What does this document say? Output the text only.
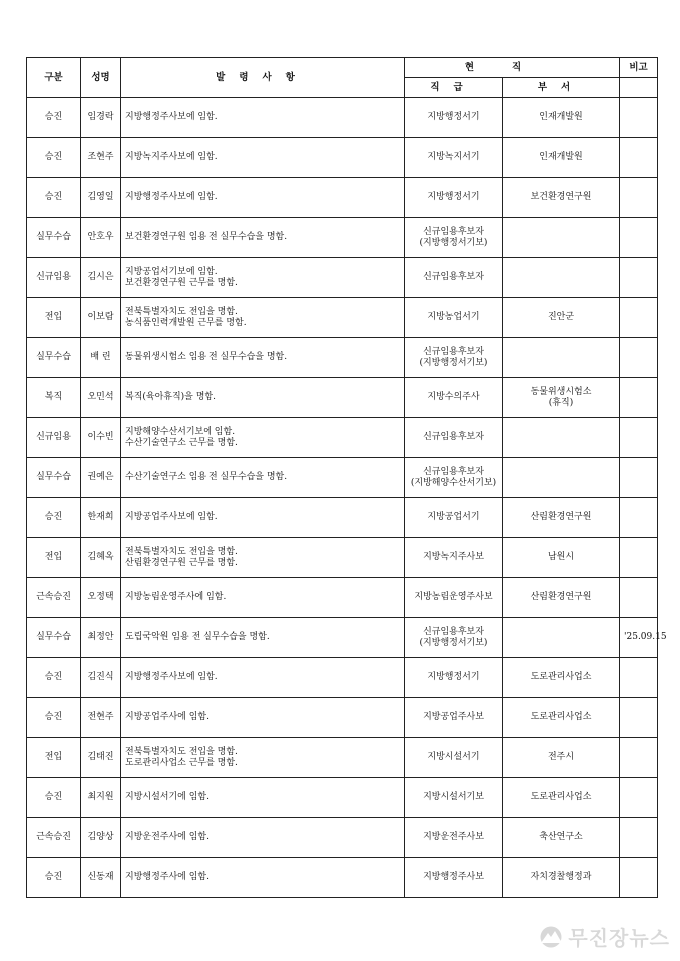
구분	성명	발령사항	현직		비고
			직급	부서	
승진	임경락	지방행정주사보에 임함.	지방행정서기	인재개발원	

승진	조현주	지방녹지주사보에 임함.	지방녹지서기	인재개발원	

승진	김영일	지방행정주사보에 임함.	지방행정서기	보건환경연구원	

실무수습	안호우	보건환경연구원 임용 전 실무수습을 명함.	신규임용후보자
(지방행정서기보)		

신규임용	김시은	지방공업서기보에 임함.
보건환경연구원 근무를 명함.	신규임용후보자		

전입	이보람	전북특별자치도 전입을 명함.
농식품인력개발원 근무를 명함.	지방농업서기	진안군	

실무수습	배 린	동물위생시험소 임용 전 실무수습을 명함.	신규임용후보자
(지방행정서기보)		

복직	오민석	복직(육아휴직)을 명함.	지방수의주사	동물위생시험소
(휴직)	

신규임용	이수빈	지방해양수산서기보에 임함.
수산기술연구소 근무를 명함.	신규임용후보자		

실무수습	권예은	수산기술연구소 임용 전 실무수습을 명함.	신규임용후보자
(지방해양수산서기보)		

승진	한재희	지방공업주사보에 임함.	지방공업서기	산림환경연구원	

전입	김혜옥	전북특별자치도 전입을 명함.
산림환경연구원 근무를 명함.	지방녹지주사보	남원시	

근속승진	오정택	지방농림운영주사에 임함.	지방농림운영주사보	산림환경연구원	

실무수습	최정안	도립국악원 임용 전 실무수습을 명함.	신규임용후보자
(지방행정서기보)		'25.09.15
승진	김진식	지방행정주사보에 임함.	지방행정서기	도로관리사업소	

승진	전현주	지방공업주사에 임함.	지방공업주사보	도로관리사업소	

전입	김태진	전북특별자치도 전입을 명함.
도로관리사업소 근무를 명함.	지방시설서기	전주시	

승진	최지원	지방시설서기에 임함.	지방시설서기보	도로관리사업소	

근속승진	김양상	지방운전주사에 임함.	지방운전주사보	축산연구소	

승진	신동재	지방행정주사에 임함.	지방행정주사보	자치경찰행정과	

무진장뉴스
